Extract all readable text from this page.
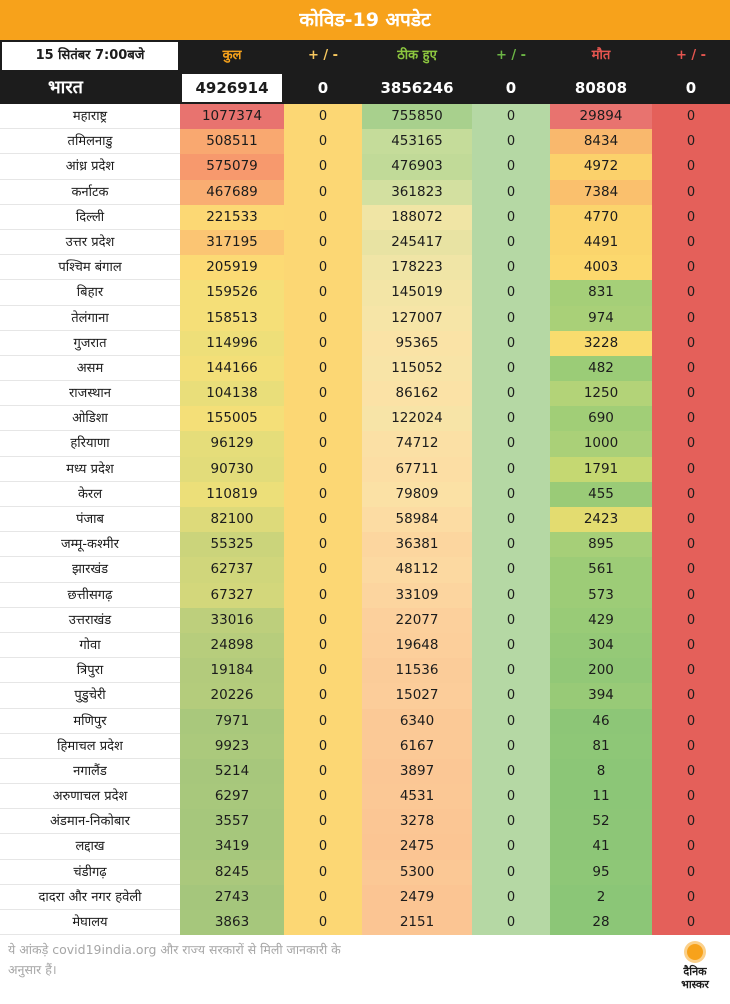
कोविड-19 अपडेट
15 सितंबर 7:00बजे	कुल	+ / -	ठीक हुए	+ / -	मौत	+ / -
भारत	4926914	0	3856246	0	80808	0
महाराष्ट्र	1077374	0	755850	0	29894	0
तमिलनाडु	508511	0	453165	0	8434	0
आंध्र प्रदेश	575079	0	476903	0	4972	0
कर्नाटक	467689	0	361823	0	7384	0
दिल्ली	221533	0	188072	0	4770	0
उत्तर प्रदेश	317195	0	245417	0	4491	0
पश्चिम बंगाल	205919	0	178223	0	4003	0
बिहार	159526	0	145019	0	831	0
तेलंगाना	158513	0	127007	0	974	0
गुजरात	114996	0	95365	0	3228	0
असम	144166	0	115052	0	482	0
राजस्थान	104138	0	86162	0	1250	0
ओडिशा	155005	0	122024	0	690	0
हरियाणा	96129	0	74712	0	1000	0
मध्य प्रदेश	90730	0	67711	0	1791	0
केरल	110819	0	79809	0	455	0
पंजाब	82100	0	58984	0	2423	0
जम्मू-कश्मीर	55325	0	36381	0	895	0
झारखंड	62737	0	48112	0	561	0
छत्तीसगढ़	67327	0	33109	0	573	0
उत्तराखंड	33016	0	22077	0	429	0
गोवा	24898	0	19648	0	304	0
त्रिपुरा	19184	0	11536	0	200	0
पुडुचेरी	20226	0	15027	0	394	0
मणिपुर	7971	0	6340	0	46	0
हिमाचल प्रदेश	9923	0	6167	0	81	0
नगालैंड	5214	0	3897	0	8	0
अरुणाचल प्रदेश	6297	0	4531	0	11	0
अंडमान-निकोबार	3557	0	3278	0	52	0
लद्दाख	3419	0	2475	0	41	0
चंडीगढ़	8245	0	5300	0	95	0
दादरा और नगर हवेली	2743	0	2479	0	2	0
मेघालय	3863	0	2151	0	28	0
ये आंकड़े covid19india.org और राज्य सरकारों से मिली जानकारी के अनुसार हैं।	दैनिक
भास्कर
